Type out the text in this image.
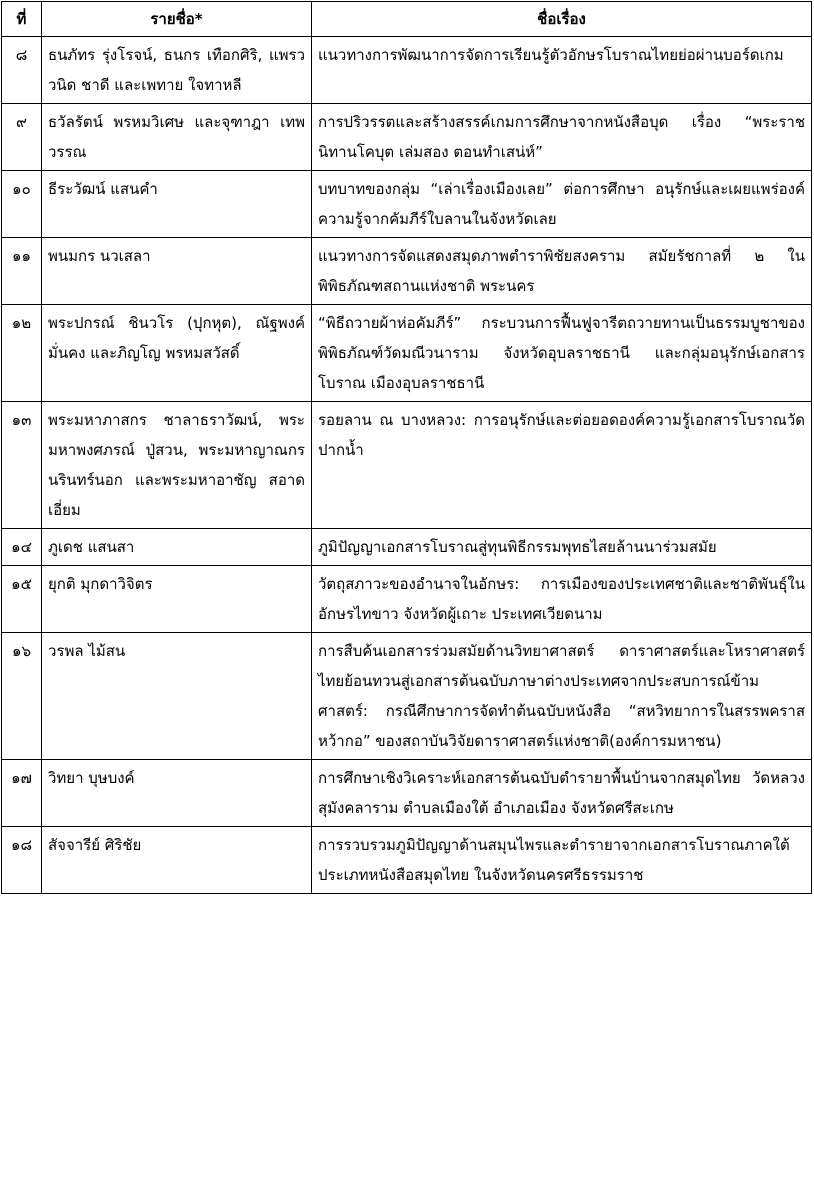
ที่	รายชื่อ*	ชื่อเรื่อง
๘	ธนภัทร รุ่งโรจน์, ธนกร เทือกศิริ, แพรววนิด ชาดี และเพทาย ใจทาหลี	แนวทางการพัฒนาการจัดการเรียนรู้ตัวอักษรโบราณไทยย่อผ่านบอร์ดเกม
๙	ธวัลรัตน์ พรหมวิเศษ และจุฑาฎา เทพวรรณ	การปริวรรตและสร้างสรรค์เกมการศึกษาจากหนังสือบุด เรื่อง “พระราชนิทานโคบุต เล่มสอง ตอนทำเสน่ห์”
๑๐	ธีระวัฒน์ แสนคำ	บทบาทของกลุ่ม “เล่าเรื่องเมืองเลย” ต่อการศึกษา อนุรักษ์และเผยแพร่องค์ความรู้จากคัมภีร์ใบลานในจังหวัดเลย
๑๑	พนมกร นวเสลา	แนวทางการจัดแสดงสมุดภาพตำราพิชัยสงคราม สมัยรัชกาลที่ ๒ ในพิพิธภัณฑสถานแห่งชาติ พระนคร
๑๒	พระปกรณ์ ชินวโร (ปุกหุต), ณัฐพงค์ มั่นคง และภิญโญ พรหมสวัสดิ์	“พิธีถวายผ้าห่อคัมภีร์” กระบวนการฟื้นฟูจารีตถวายทานเป็นธรรมบูชาของพิพิธภัณฑ์วัดมณีวนาราม จังหวัดอุบลราชธานี และกลุ่มอนุรักษ์เอกสารโบราณ เมืองอุบลราชธานี
๑๓	พระมหาภาสกร ชาลาธราวัฒน์, พระมหาพงศภรณ์ ปู่สวน, พระมหาญาณกร นรินทร์นอก และพระมหาอาชัญ สอาดเอี่ยม	รอยลาน ณ บางหลวง: การอนุรักษ์และต่อยอดองค์ความรู้เอกสารโบราณวัดปากน้ำ
๑๔	ภูเดช แสนสา	ภูมิปัญญาเอกสารโบราณสู่ทุนพิธีกรรมพุทธไสยล้านนาร่วมสมัย
๑๕	ยุกติ มุกดาวิจิตร	วัตถุสภาวะของอำนาจในอักษร: การเมืองของประเทศชาติและชาติพันธุ์ในอักษรไทขาว จังหวัดผู้เถาะ ประเทศเวียดนาม
๑๖	วรพล ไม้สน	การสืบค้นเอกสารร่วมสมัยด้านวิทยาศาสตร์ ดาราศาสตร์และโหราศาสตร์ไทยย้อนทวนสู่เอกสารต้นฉบับภาษาต่างประเทศจากประสบการณ์ข้ามศาสตร์: กรณีศึกษาการจัดทำต้นฉบับหนังสือ “สหวิทยาการในสรรพคราสหว้ากอ” ของสถาบันวิจัยดาราศาสตร์แห่งชาติ(องค์การมหาชน)
๑๗	วิทยา บุษบงค์	การศึกษาเชิงวิเคราะห์เอกสารต้นฉบับตำรายาพื้นบ้านจากสมุดไทย วัดหลวงสุมังคลาราม ตำบลเมืองใต้ อำเภอเมือง จังหวัดศรีสะเกษ
๑๘	สัจจารีย์ ศิริชัย	การรวบรวมภูมิปัญญาด้านสมุนไพรและตำรายาจากเอกสารโบราณภาคใต้ประเภทหนังสือสมุดไทย ในจังหวัดนครศรีธรรมราช
